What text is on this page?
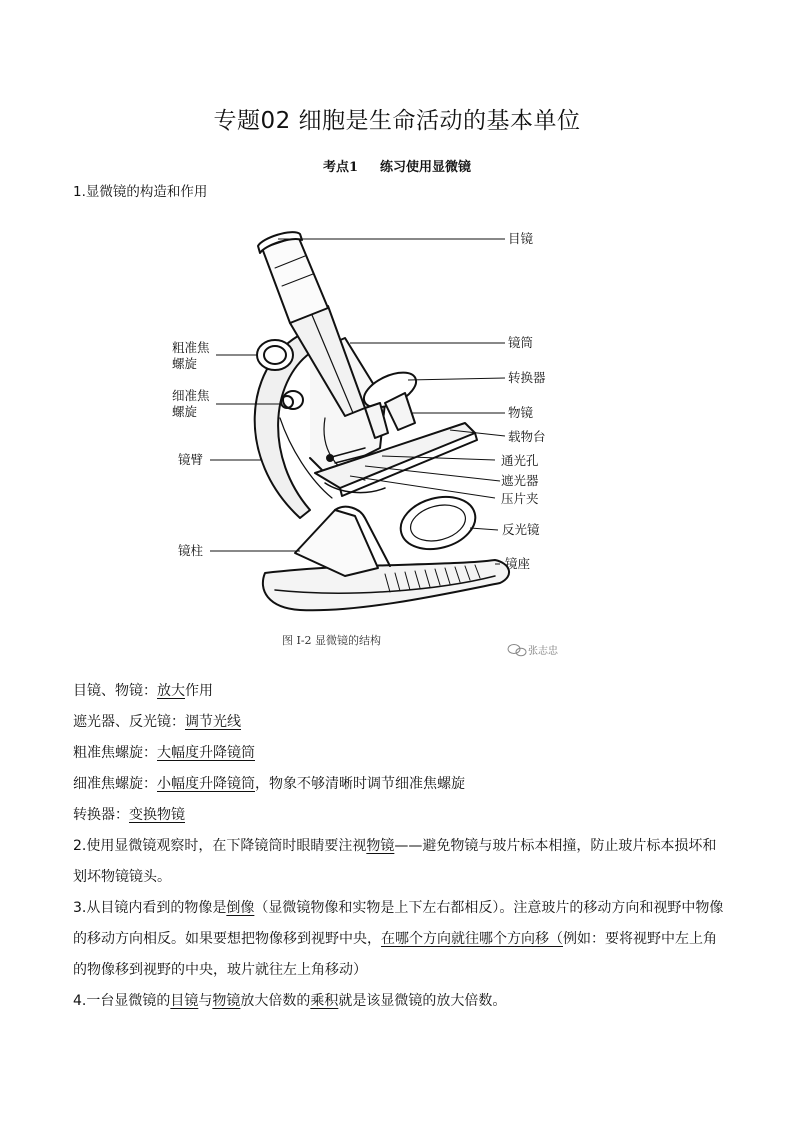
专题02 细胞是生命活动的基本单位
考点1 练习使用显微镜
1.显微镜的构造和作用
目镜
镜筒
转换器
物镜
载物台
通光孔
遮光器
压片夹
反光镜
镜座
粗准焦
螺旋
细准焦
螺旋
镜臂
镜柱
图 Ⅰ-2 显微镜的结构
张志忠
目镜、物镜：放大作用
遮光器、反光镜：调节光线
粗准焦螺旋：大幅度升降镜筒
细准焦螺旋：小幅度升降镜筒，物象不够清晰时调节细准焦螺旋
转换器：变换物镜
2.使用显微镜观察时，在下降镜筒时眼睛要注视物镜——避免物镜与玻片标本相撞，防止玻片标本损坏和划坏物镜镜头。
3.从目镜内看到的物像是倒像（显微镜物像和实物是上下左右都相反）。注意玻片的移动方向和视野中物像的移动方向相反。如果要想把物像移到视野中央，在哪个方向就往哪个方向移（例如：要将视野中左上角的物像移到视野的中央，玻片就往左上角移动）
4.一台显微镜的目镜与物镜放大倍数的乘积就是该显微镜的放大倍数。
